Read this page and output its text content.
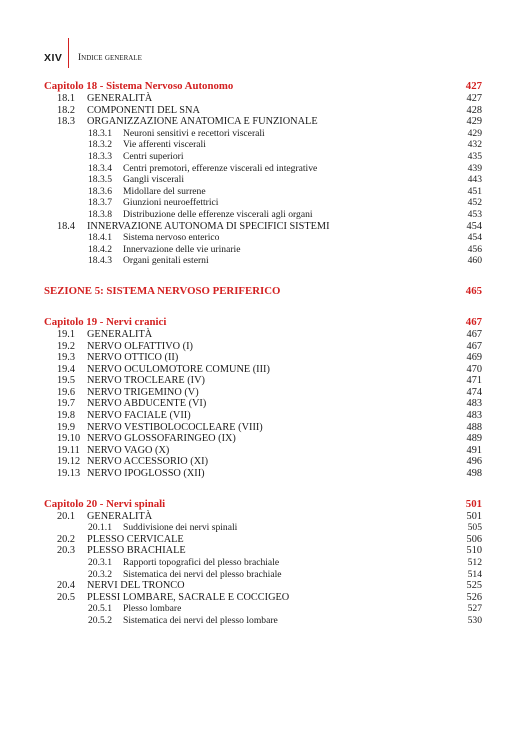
XIV Indice generale
Capitolo 18 - Sistema Nervoso Autonomo	427
18.1 GENERALITÀ	427
18.2 COMPONENTI DEL SNA	428
18.3 ORGANIZZAZIONE ANATOMICA E FUNZIONALE	429
18.3.1 Neuroni sensitivi e recettori viscerali	429
18.3.2 Vie afferenti viscerali	432
18.3.3 Centri superiori	435
18.3.4 Centri premotori, efferenze viscerali ed integrative	439
18.3.5 Gangli viscerali	443
18.3.6 Midollare del surrene	451
18.3.7 Giunzioni neuroeffettrici	452
18.3.8 Distribuzione delle efferenze viscerali agli organi	453
18.4 INNERVAZIONE AUTONOMA DI SPECIFICI SISTEMI	454
18.4.1 Sistema nervoso enterico	454
18.4.2 Innervazione delle vie urinarie	456
18.4.3 Organi genitali esterni	460
SEZIONE 5: SISTEMA NERVOSO PERIFERICO	465
Capitolo 19 - Nervi cranici	467
19.1 GENERALITÀ	467
19.2 NERVO OLFATTIVO (I)	467
19.3 NERVO OTTICO (II)	469
19.4 NERVO OCULOMOTORE COMUNE (III)	470
19.5 NERVO TROCLEARE (IV)	471
19.6 NERVO TRIGEMINO (V)	474
19.7 NERVO ABDUCENTE (VI)	483
19.8 NERVO FACIALE (VII)	483
19.9 NERVO VESTIBOLOCOCLEARE (VIII)	488
19.10 NERVO GLOSSOFARINGEO (IX)	489
19.11 NERVO VAGO (X)	491
19.12 NERVO ACCESSORIO (XI)	496
19.13 NERVO IPOGLOSSO (XII)	498
Capitolo 20 - Nervi spinali	501
20.1 GENERALITÀ	501
20.1.1 Suddivisione dei nervi spinali	505
20.2 PLESSO CERVICALE	506
20.3 PLESSO BRACHIALE	510
20.3.1 Rapporti topografici del plesso brachiale	512
20.3.2 Sistematica dei nervi del plesso brachiale	514
20.4 NERVI DEL TRONCO	525
20.5 PLESSI LOMBARE, SACRALE E COCCIGEO	526
20.5.1 Plesso lombare	527
20.5.2 Sistematica dei nervi del plesso lombare	530
